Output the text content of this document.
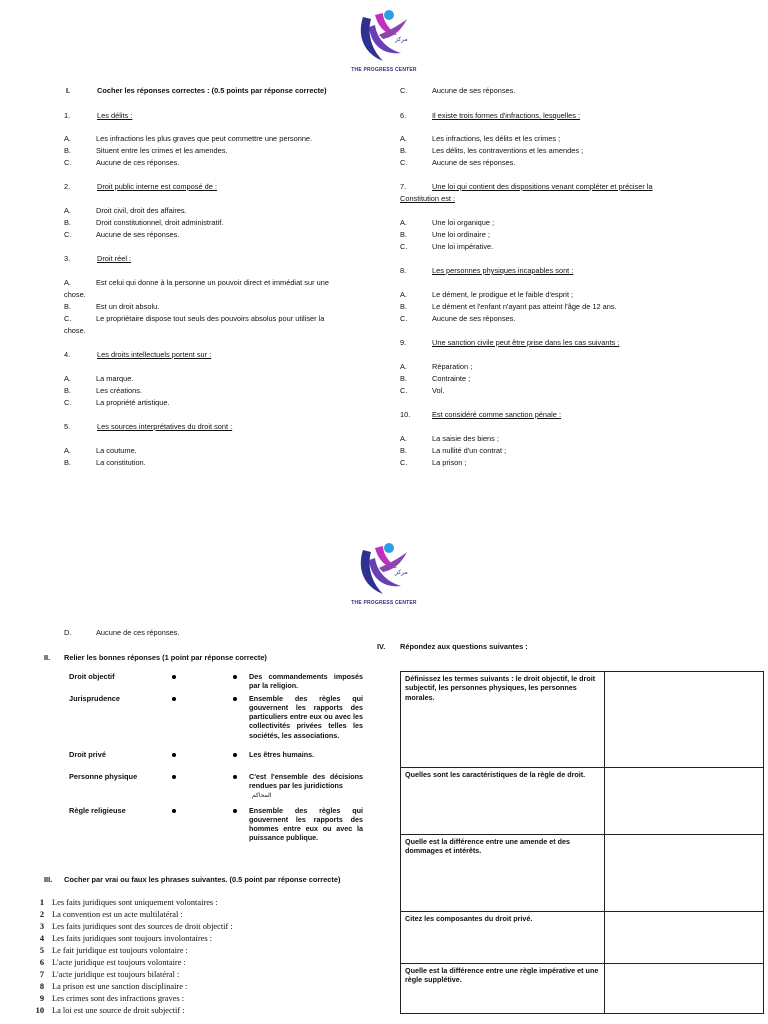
مركز
THE PROGRESS CENTER
I.	Cocher les réponses correctes : (0.5 points par réponse correcte)
1.	Les délits :
A.	Les infractions les plus graves que peut commettre une personne.
B.	Situent entre les crimes et les amendes.
C.	Aucune de ces réponses.
2.	Droit public interne est composé de :
A.	Droit civil, droit des affaires.
B.	Droit constitutionnel, droit administratif.
C.	Aucune de ses réponses.
3.	Droit réel :
A.	Est celui qui donne à la personne un pouvoir direct et immédiat sur une
chose.
B.	Est un droit absolu.
C.	Le propriétaire dispose tout seuls des pouvoirs absolus pour utiliser la
chose.
4.	Les droits intellectuels portent sur :
A.	La marque.
B.	Les créations.
C.	La propriété artistique.
5.	Les sources interprétatives du droit sont :
A.	La coutume.
B.	La constitution.
C.	Aucune de ses réponses.
6.	Il existe trois formes d'infractions, lesquelles :
A.	Les infractions, les délits et les crimes ;
B.	Les délits, les contraventions et les amendes ;
C.	Aucune de ses réponses.
7.	Une loi qui contient des dispositions venant compléter et préciser la
Constitution est :
A.	Une loi organique ;
B.	Une loi ordinaire ;
C.	Une loi impérative.
8.	Les personnes physiques incapables sont :
A.	Le dément, le prodigue et le faible d'esprit ;
B.	Le dément et l'enfant n'ayant pas atteint l'âge de 12 ans.
C.	Aucune de ses réponses.
9.	Une sanction civile peut être prise dans les cas suivants :
A.	Réparation ;
B.	Contrainte ;
C.	Vol.
10.	Est considéré comme sanction pénale :
A.	La saisie des biens ;
B.	La nullité d'un contrat ;
C.	La prison ;
مركز
THE PROGRESS CENTER
D.	Aucune de ces réponses.
II. Relier les bonnes réponses (1 point par réponse correcte)
Droit objectif	Des commandements imposés par la religion.
Jurisprudence	Ensemble des règles qui gouvernent les rapports des particuliers entre eux ou avec les collectivités privées telles les sociétés, les associations.
Droit privé	Les êtres humains.
Personne physique	C'est l'ensemble des décisions rendues par les juridictions
المحاكم
Règle religieuse	Ensemble des règles qui gouvernent les rapports des hommes entre eux ou avec la puissance publique.
III. Cocher par vrai ou faux les phrases suivantes. (0.5 point par réponse correcte)
1 Les faits juridiques sont uniquement volontaires :
2 La convention est un acte multilatéral :
3 Les faits juridiques sont des sources de droit objectif :
4 Les faits juridiques sont toujours involontaires :
5 Le fait juridique est toujours volontaire :
6 L'acte juridique est toujours volontaire :
7 L'acte juridique est toujours bilatéral :
8 La prison est une sanction disciplinaire :
9 Les crimes sont des infractions graves :
10 La loi est une source de droit subjectif :
IV. Répondez aux questions suivantes :
Définissez les termes suivants : le droit objectif, le droit subjectif, les personnes physiques, les personnes morales.	
Quelles sont les caractéristiques de la règle de droit.	
Quelle est la différence entre une amende et des dommages et intérêts.	
Citez les composantes du droit privé.	
Quelle est la différence entre une règle impérative et une règle supplétive.	
